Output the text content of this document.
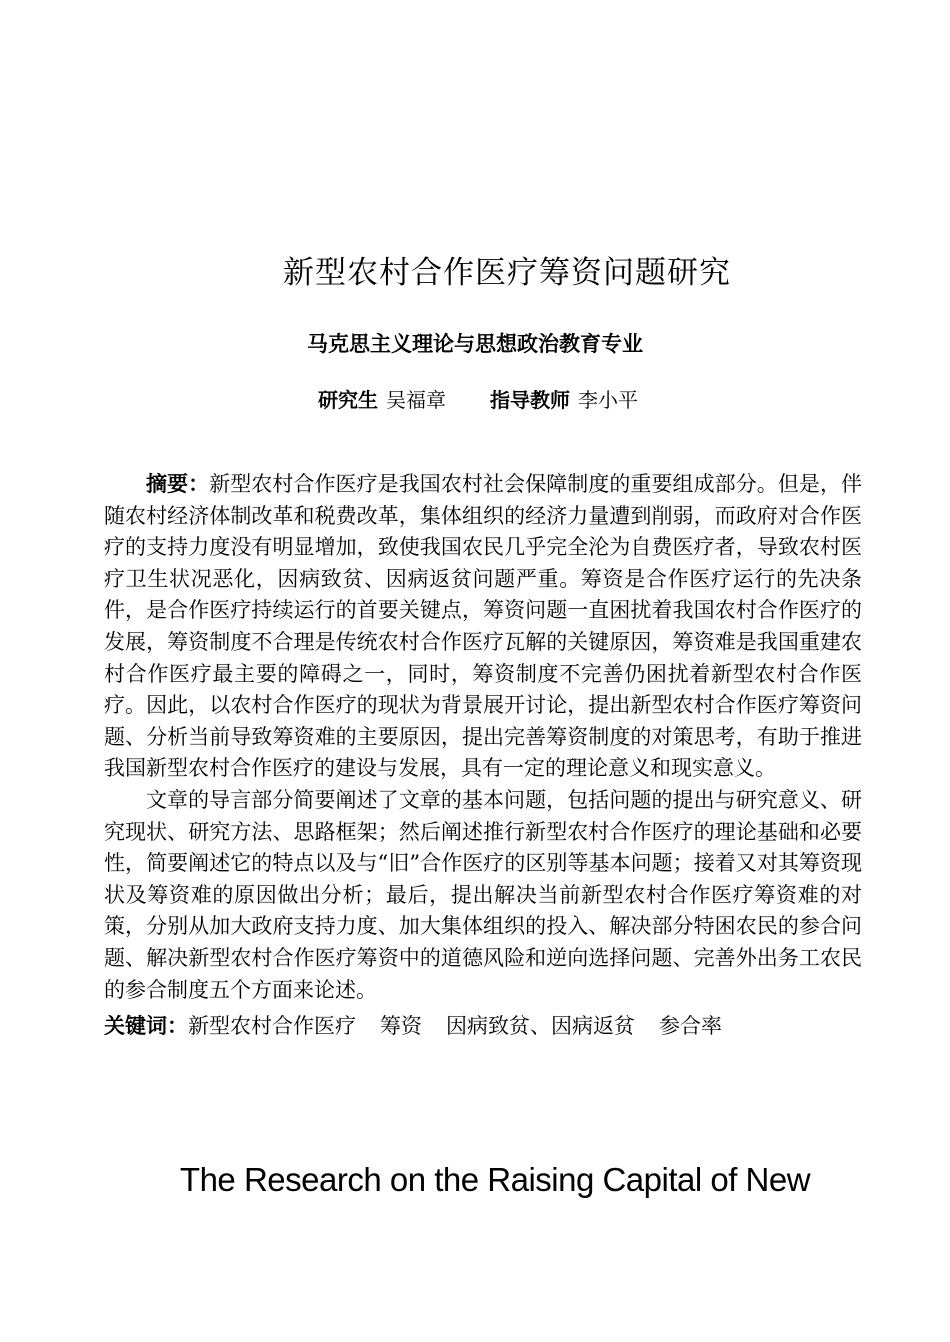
新型农村合作医疗筹资问题研究
马克思主义理论与思想政治教育专业
研究生 吴福章 指导教师 李小平

摘要：新型农村合作医疗是我国农村社会保障制度的重要组成部分。但是，伴随农村经济体制改革和税费改革，集体组织的经济力量遭到削弱，而政府对合作医疗的支持力度没有明显增加，致使我国农民几乎完全沦为自费医疗者，导致农村医疗卫生状况恶化，因病致贫、因病返贫问题严重。筹资是合作医疗运行的先决条件，是合作医疗持续运行的首要关键点，筹资问题一直困扰着我国农村合作医疗的发展，筹资制度不合理是传统农村合作医疗瓦解的关键原因，筹资难是我国重建农村合作医疗最主要的障碍之一，同时，筹资制度不完善仍困扰着新型农村合作医疗。因此，以农村合作医疗的现状为背景展开讨论，提出新型农村合作医疗筹资问题、分析当前导致筹资难的主要原因，提出完善筹资制度的对策思考，有助于推进我国新型农村合作医疗的建设与发展，具有一定的理论意义和现实意义。

文章的导言部分简要阐述了文章的基本问题，包括问题的提出与研究意义、研究现状、研究方法、思路框架；然后阐述推行新型农村合作医疗的理论基础和必要性，简要阐述它的特点以及与“旧”合作医疗的区别等基本问题；接着又对其筹资现状及筹资难的原因做出分析；最后，提出解决当前新型农村合作医疗筹资难的对策，分别从加大政府支持力度、加大集体组织的投入、解决部分特困农民的参合问题、解决新型农村合作医疗筹资中的道德风险和逆向选择问题、完善外出务工农民的参合制度五个方面来论述。

关键词：新型农村合作医疗 筹资 因病致贫、因病返贫 参合率
The Research on the Raising Capital of New
